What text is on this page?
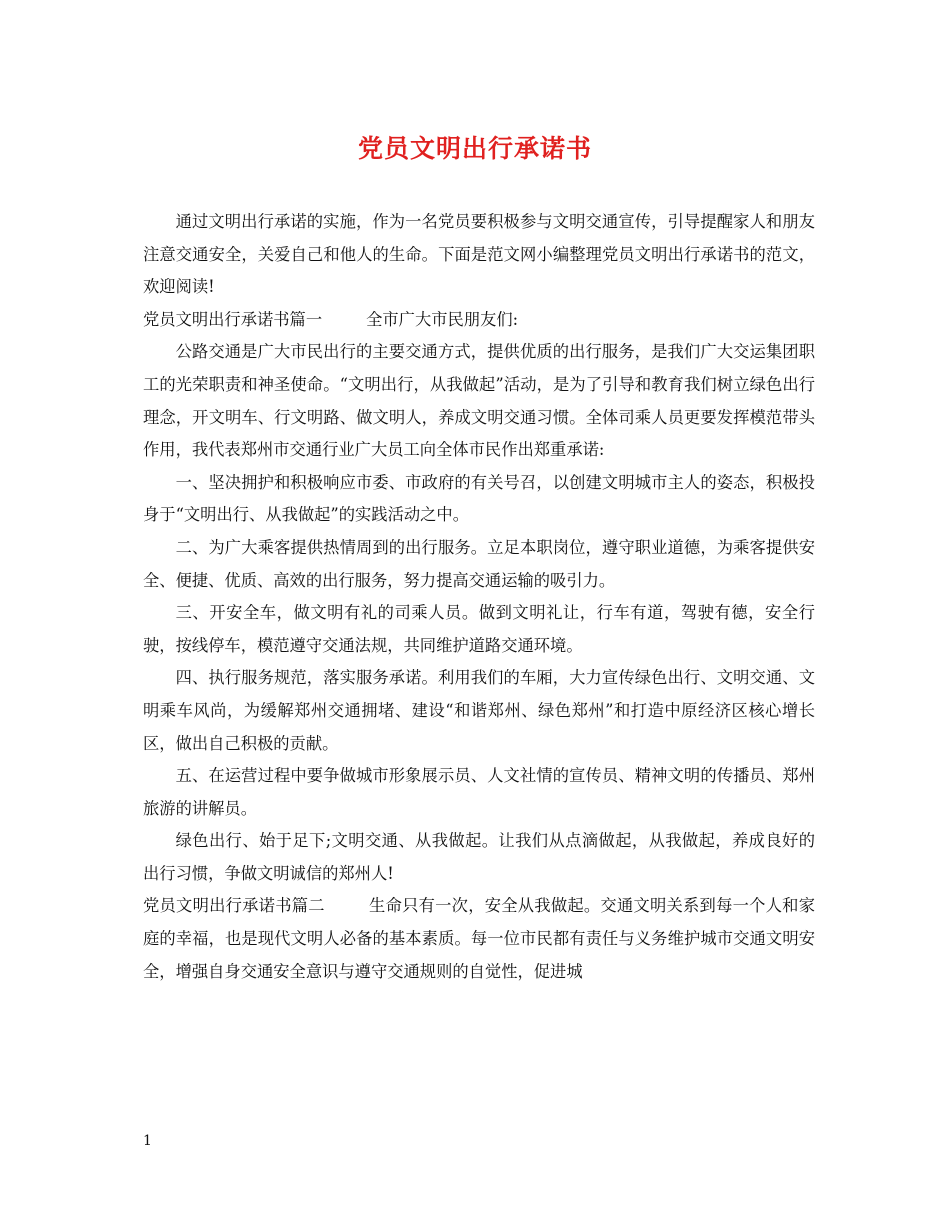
党员文明出行承诺书

通过文明出行承诺的实施，作为一名党员要积极参与文明交通宣传，引导提醒家人和朋友注意交通安全，关爱自己和他人的生命。下面是范文网小编整理党员文明出行承诺书的范文，欢迎阅读!

党员文明出行承诺书篇一	全市广大市民朋友们:

公路交通是广大市民出行的主要交通方式，提供优质的出行服务，是我们广大交运集团职工的光荣职责和神圣使命。“文明出行，从我做起”活动，是为了引导和教育我们树立绿色出行理念，开文明车、行文明路、做文明人，养成文明交通习惯。全体司乘人员更要发挥模范带头作用，我代表郑州市交通行业广大员工向全体市民作出郑重承诺:

一、坚决拥护和积极响应市委、市政府的有关号召，以创建文明城市主人的姿态，积极投身于“文明出行、从我做起”的实践活动之中。

二、为广大乘客提供热情周到的出行服务。立足本职岗位，遵守职业道德，为乘客提供安全、便捷、优质、高效的出行服务，努力提高交通运输的吸引力。

三、开安全车，做文明有礼的司乘人员。做到文明礼让，行车有道，驾驶有德，安全行驶，按线停车，模范遵守交通法规，共同维护道路交通环境。

四、执行服务规范，落实服务承诺。利用我们的车厢，大力宣传绿色出行、文明交通、文明乘车风尚，为缓解郑州交通拥堵、建设“和谐郑州、绿色郑州”和打造中原经济区核心增长区，做出自己积极的贡献。

五、在运营过程中要争做城市形象展示员、人文社情的宣传员、精神文明的传播员、郑州旅游的讲解员。

绿色出行、始于足下;文明交通、从我做起。让我们从点滴做起，从我做起，养成良好的出行习惯，争做文明诚信的郑州人!

党员文明出行承诺书篇二	生命只有一次，安全从我做起。交通文明关系到每一个人和家庭的幸福，也是现代文明人必备的基本素质。每一位市民都有责任与义务维护城市交通文明安全，增强自身交通安全意识与遵守交通规则的自觉性，促进城

1
